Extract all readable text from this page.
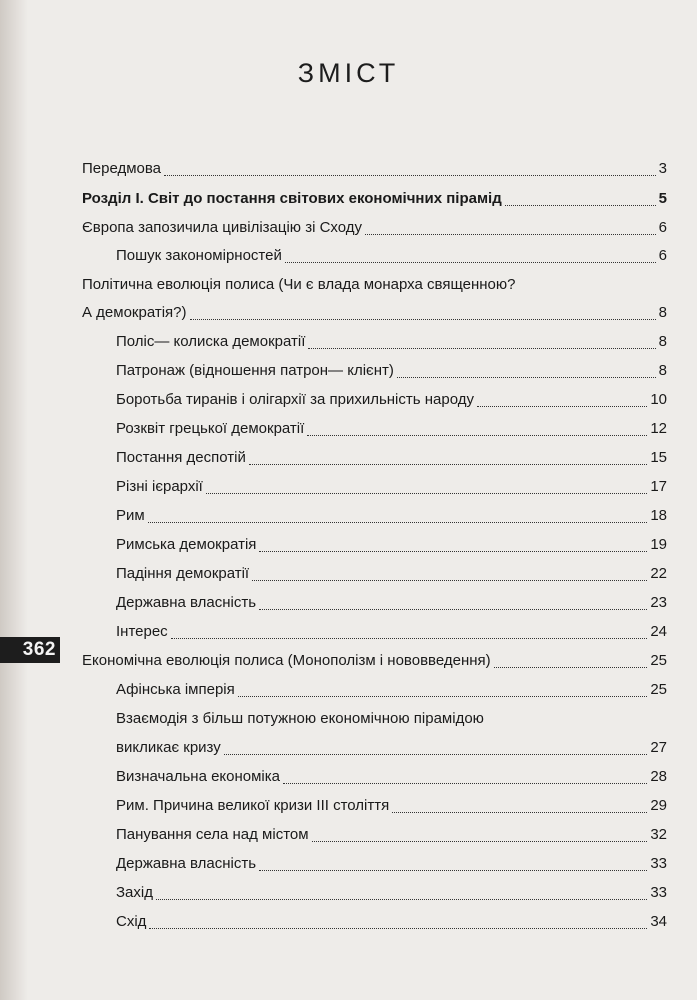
ЗМІСТ
362
Передмова	3
Розділ I. Світ до постання світових економічних пірамід	5
Європа запозичила цивілізацію зі Сходу	6
Пошук закономірностей	6
Політична еволюція полиса (Чи є влада монарха священною?
А демократія?)	8
Поліс— колиска демократії	8
Патронаж (відношення патрон— клієнт)	8
Боротьба тиранів і олігархії за прихильність народу	10
Розквіт грецької демократії	12
Постання деспотій	15
Різні ієрархії	17
Рим	18
Римська демократія	19
Падіння демократії	22
Державна власність	23
Інтерес	24
Економічна еволюція полиса (Монополізм і нововведення)	25
Афінська імперія	25
Взаємодія з більш потужною економічною пірамідою
викликає кризу	27
Визначальна економіка	28
Рим. Причина великої кризи III століття	29
Панування села над містом	32
Державна власність	33
Захід	33
Схід	34
